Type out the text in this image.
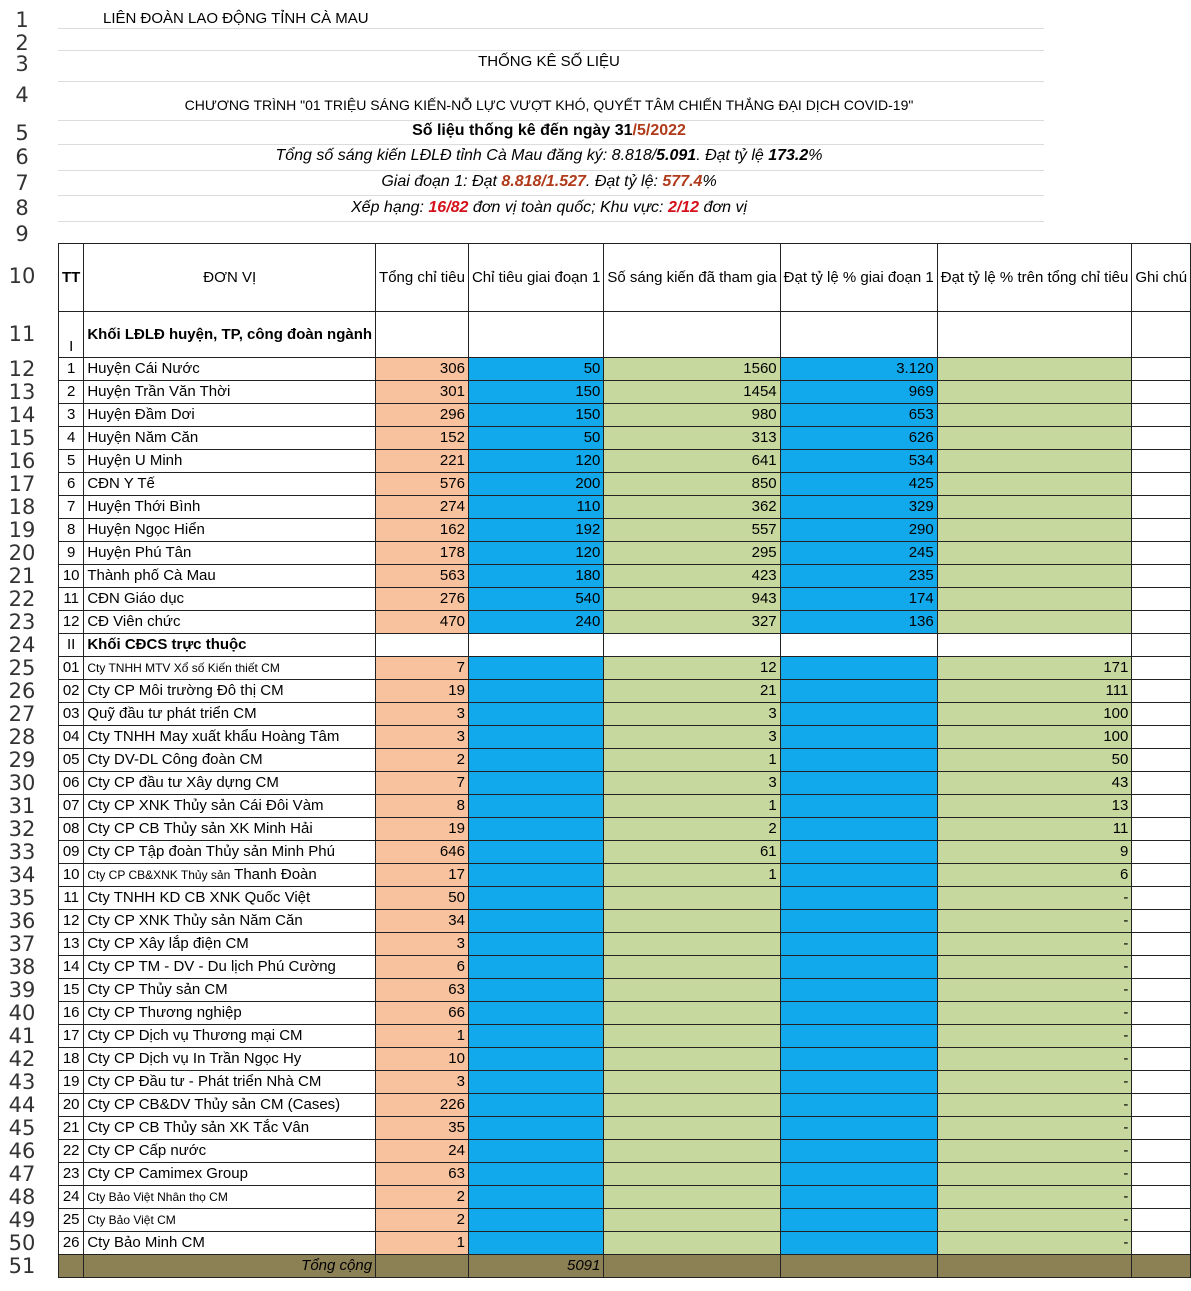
1
2
3
4
5
6
7
8
9
10
11
12
13
14
15
16
17
18
19
20
21
22
23
24
25
26
27
28
29
30
31
32
33
34
35
36
37
38
39
40
41
42
43
44
45
46
47
48
49
50
51
LIÊN ĐOÀN LAO ĐỘNG TỈNH CÀ MAU
THỐNG KÊ SỐ LIỆU
CHƯƠNG TRÌNH "01 TRIỆU SÁNG KIẾN-NỖ LỰC VƯỢT KHÓ, QUYẾT TÂM CHIẾN THẮNG ĐẠI DỊCH COVID-19"
Số liệu thống kê đến ngày 31/5/2022
Tổng số sáng kiến LĐLĐ tỉnh Cà Mau đăng ký: 8.818/5.091. Đạt tỷ lệ 173.2%
Giai đoạn 1: Đạt 8.818/1.527. Đạt tỷ lệ: 577.4%
Xếp hạng: 16/82 đơn vị toàn quốc; Khu vực: 2/12 đơn vị
TT	ĐƠN VỊ	Tổng chỉ tiêu	Chỉ tiêu giai đoạn 1	Số sáng kiến đã tham gia	Đạt tỷ lệ % giai đoạn 1	Đạt tỷ lệ % trên tổng chỉ tiêu	Ghi chú
I	Khối LĐLĐ huyện, TP, công đoàn ngành						
1	Huyện Cái Nước	306	50	1560	3.120		
2	Huyện Trần Văn Thời	301	150	1454	969		
3	Huyện Đầm Dơi	296	150	980	653		
4	Huyện Năm Căn	152	50	313	626		
5	Huyện U Minh	221	120	641	534		
6	CĐN Y Tế	576	200	850	425		
7	Huyện Thới Bình	274	110	362	329		
8	Huyện Ngọc Hiển	162	192	557	290		
9	Huyện Phú Tân	178	120	295	245		
10	Thành phố Cà Mau	563	180	423	235		
11	CĐN Giáo dục	276	540	943	174		
12	CĐ Viên chức	470	240	327	136		
II	Khối CĐCS trực thuộc						
01	Cty TNHH MTV Xổ số Kiến thiết CM	7		12		171	
02	Cty CP Môi trường Đô thị CM	19		21		111	
03	Quỹ đầu tư phát triển CM	3		3		100	
04	Cty TNHH May xuất khẩu Hoàng Tâm	3		3		100	
05	Cty DV-DL Công đoàn CM	2		1		50	
06	Cty CP đầu tư Xây dựng CM	7		3		43	
07	Cty CP XNK Thủy sản Cái Đôi Vàm	8		1		13	
08	Cty CP CB Thủy sản XK Minh Hải	19		2		11	
09	Cty CP Tập đoàn Thủy sản Minh Phú	646		61		9	
10	Cty CP CB&XNK Thủy sản Thanh Đoàn	17		1		6	
11	Cty TNHH KD CB XNK Quốc Việt	50				-	
12	Cty CP XNK Thủy sản Năm Căn	34				-	
13	Cty CP Xây lắp điện CM	3				-	
14	Cty CP TM - DV - Du lịch Phú Cường	6				-	
15	Cty CP Thủy sản CM	63				-	
16	Cty CP Thương nghiệp	66				-	
17	Cty CP Dịch vụ Thương mại CM	1				-	
18	Cty CP Dịch vụ In Trần Ngọc Hy	10				-	
19	Cty CP Đầu tư - Phát triển Nhà CM	3				-	
20	Cty CP CB&DV Thủy sản CM (Cases)	226				-	
21	Cty CP CB Thủy sản XK Tắc Vân	35				-	
22	Cty CP Cấp nước	24				-	
23	Cty CP Camimex Group	63				-	
24	Cty Bảo Việt Nhân thọ CM	2				-	
25	Cty Bảo Việt CM	2				-	
26	Cty Bảo Minh CM	1				-	
	Tổng cộng		5091				
